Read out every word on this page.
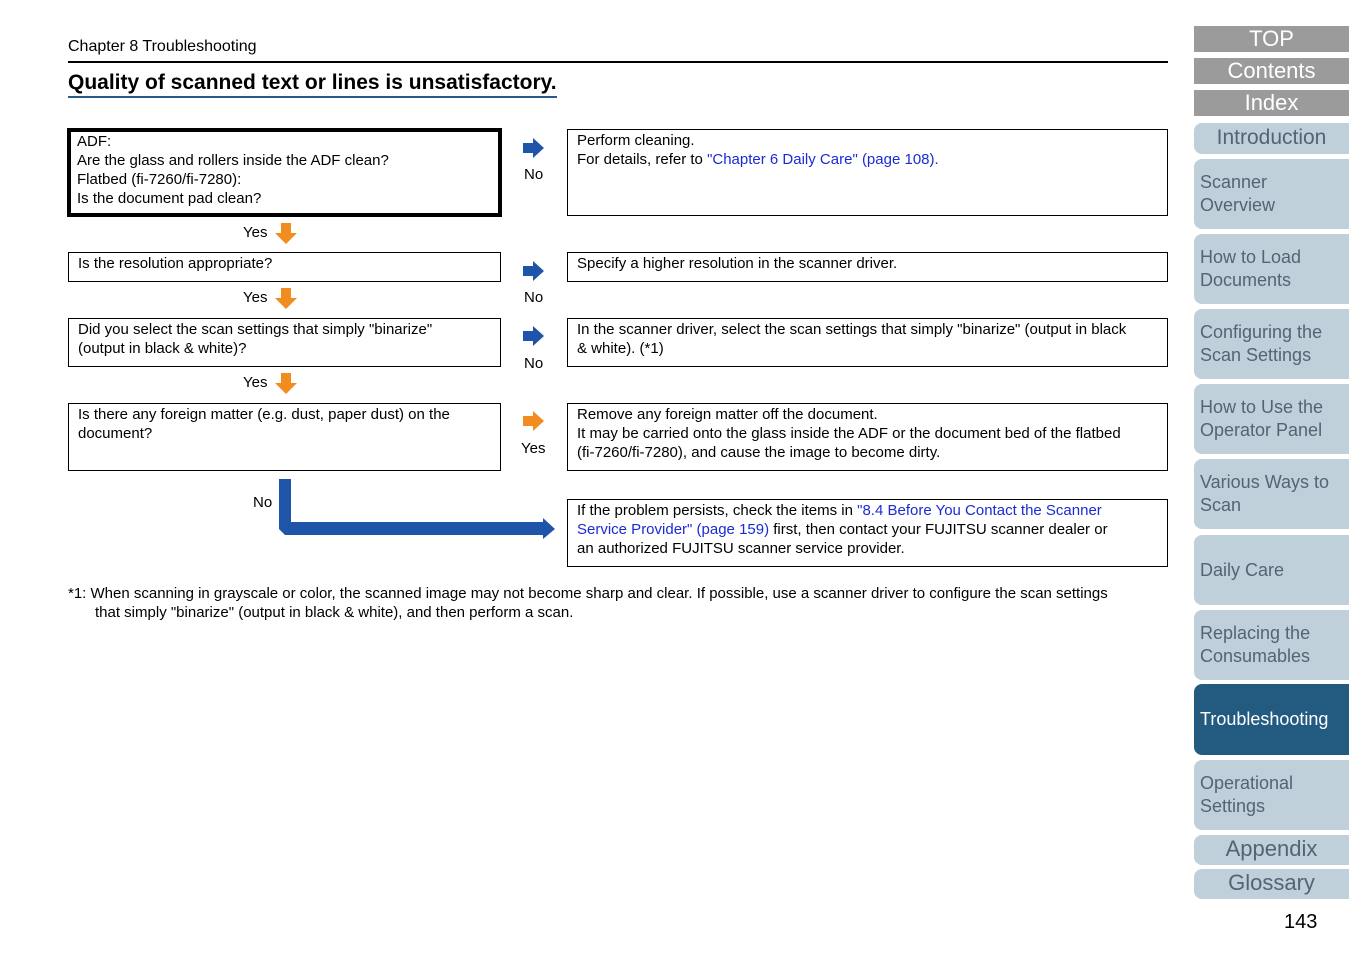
Chapter 8 Troubleshooting
Quality of scanned text or lines is unsatisfactory.
ADF:
Are the glass and rollers inside the ADF clean?
Flatbed (fi-7260/fi-7280):
Is the document pad clean?
No
Perform cleaning.
For details, refer to "Chapter 6 Daily Care" (page 108).
Yes
Is the resolution appropriate?
No
Specify a higher resolution in the scanner driver.
Yes
Did you select the scan settings that simply "binarize"
(output in black & white)?
No
In the scanner driver, select the scan settings that simply "binarize" (output in black
& white). (*1)
Yes
Is there any foreign matter (e.g. dust, paper dust) on the
document?
Yes
Remove any foreign matter off the document.
It may be carried onto the glass inside the ADF or the document bed of the flatbed
(fi-7260/fi-7280), and cause the image to become dirty.
No	If the problem persists, check the items in "8.4 Before You Contact the Scanner
Service Provider" (page 159) first, then contact your FUJITSU scanner dealer or
an authorized FUJITSU scanner service provider.
*1: When scanning in grayscale or color, the scanned image may not become sharp and clear. If possible, use a scanner driver to configure the scan settings
that simply "binarize" (output in black & white), and then perform a scan.
TOP
Contents
Index
Introduction
Scanner
Overview
How to Load
Documents
Configuring the
Scan Settings
How to Use the
Operator Panel
Various Ways to
Scan
Daily Care
Replacing the
Consumables
Troubleshooting
Operational
Settings
Appendix
Glossary
143
